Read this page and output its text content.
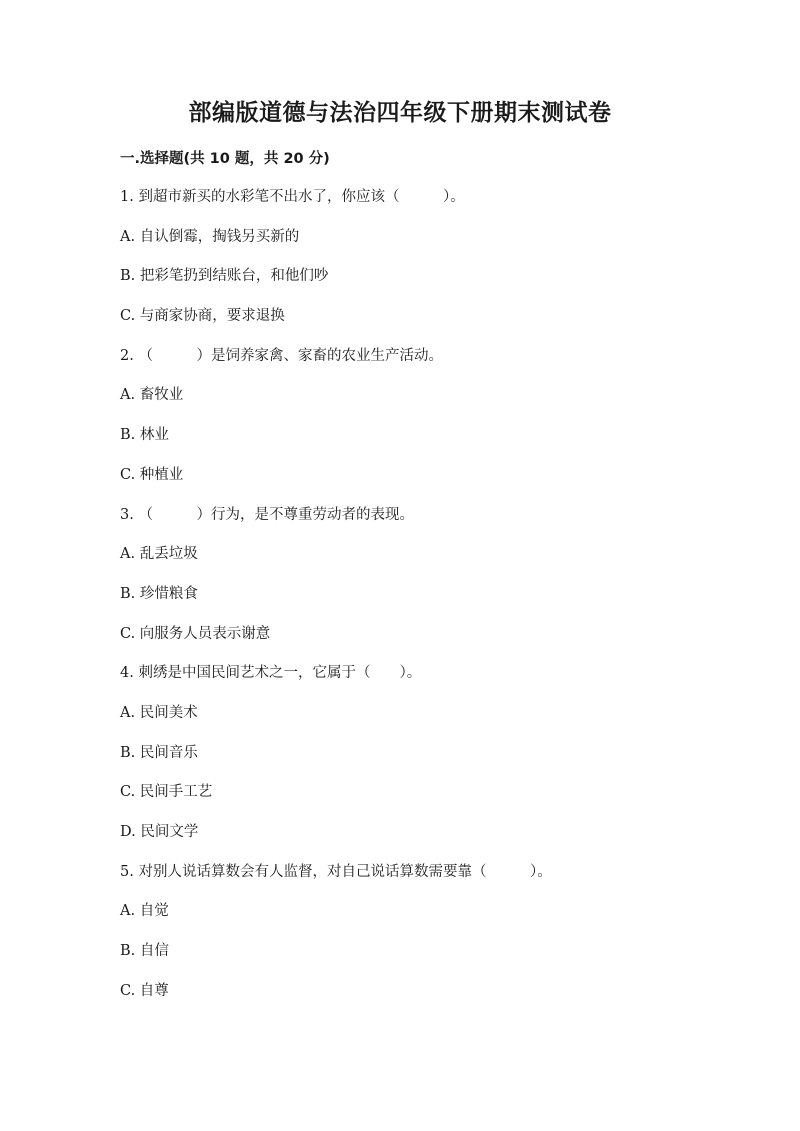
部编版道德与法治四年级下册期末测试卷
一.选择题(共 10 题，共 20 分)
1. 到超市新买的水彩笔不出水了，你应该（　　　）。
A. 自认倒霉，掏钱另买新的
B. 把彩笔扔到结账台，和他们吵
C. 与商家协商，要求退换
2. （　　　）是饲养家禽、家畜的农业生产活动。
A. 畜牧业
B. 林业
C. 种植业
3. （　　　）行为，是不尊重劳动者的表现。
A. 乱丢垃圾
B. 珍惜粮食
C. 向服务人员表示谢意
4. 刺绣是中国民间艺术之一，它属于（　　）。
A. 民间美术
B. 民间音乐
C. 民间手工艺
D. 民间文学
5. 对别人说话算数会有人监督，对自己说话算数需要靠（　　　）。
A. 自觉
B. 自信
C. 自尊
